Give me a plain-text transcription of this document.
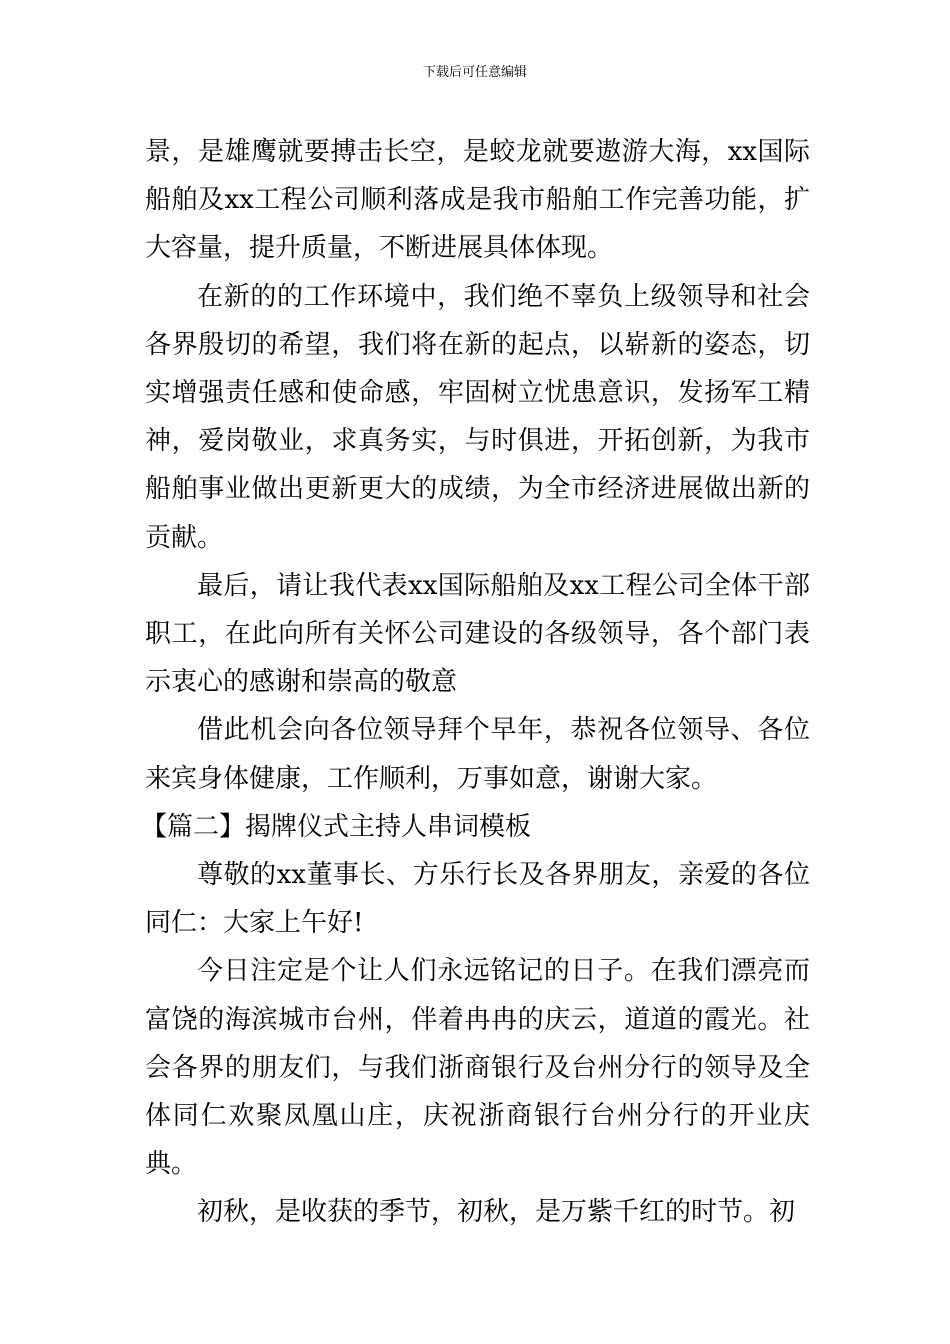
下载后可任意编辑

景，是雄鹰就要搏击长空，是蛟龙就要遨游大海，xx国际船舶及xx工程公司顺利落成是我市船舶工作完善功能，扩大容量，提升质量，不断进展具体体现。

在新的的工作环境中，我们绝不辜负上级领导和社会各界殷切的希望，我们将在新的起点，以崭新的姿态，切实增强责任感和使命感，牢固树立忧患意识，发扬军工精神，爱岗敬业，求真务实，与时俱进，开拓创新，为我市船舶事业做出更新更大的成绩，为全市经济进展做出新的贡献。

最后，请让我代表xx国际船舶及xx工程公司全体干部职工，在此向所有关怀公司建设的各级领导，各个部门表示衷心的感谢和崇高的敬意

借此机会向各位领导拜个早年，恭祝各位领导、各位来宾身体健康，工作顺利，万事如意，谢谢大家。

【篇二】揭牌仪式主持人串词模板

尊敬的xx董事长、方乐行长及各界朋友，亲爱的各位同仁：大家上午好!

今日注定是个让人们永远铭记的日子。在我们漂亮而富饶的海滨城市台州，伴着冉冉的庆云，道道的霞光。社会各界的朋友们，与我们浙商银行及台州分行的领导及全体同仁欢聚凤凰山庄，庆祝浙商银行台州分行的开业庆典。

初秋，是收获的季节，初秋，是万紫千红的时节。初
